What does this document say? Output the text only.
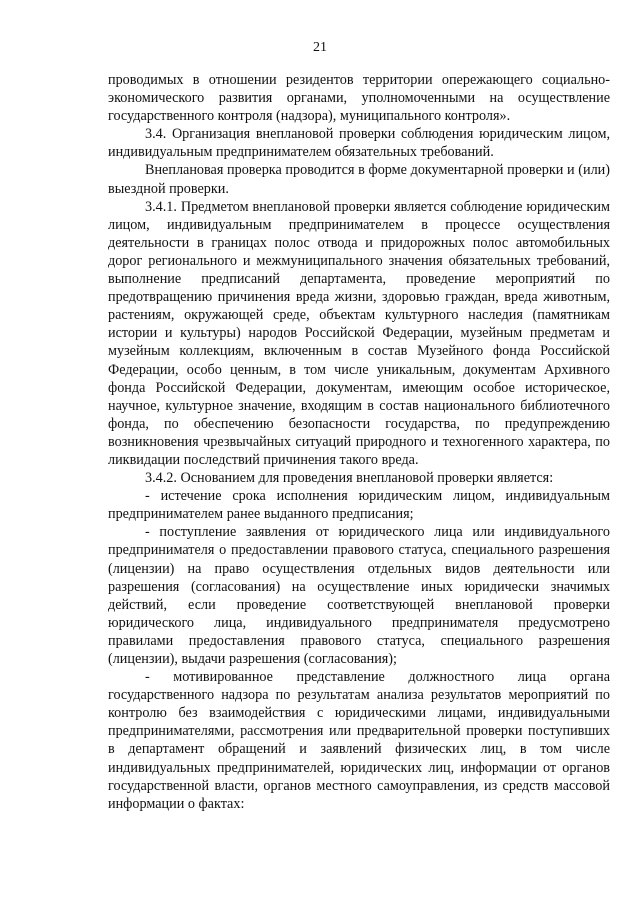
21

проводимых в отношении резидентов территории опережающего социально-экономического развития органами, уполномоченными на осуществление государственного контроля (надзора), муниципального контроля».

3.4. Организация внеплановой проверки соблюдения юридическим лицом, индивидуальным предпринимателем обязательных требований.

Внеплановая проверка проводится в форме документарной проверки и (или) выездной проверки.

3.4.1. Предметом внеплановой проверки является соблюдение юридическим лицом, индивидуальным предпринимателем в процессе осуществления деятельности в границах полос отвода и придорожных полос автомобильных дорог регионального и межмуниципального значения обязательных требований, выполнение предписаний департамента, проведение мероприятий по предотвращению причинения вреда жизни, здоровью граждан, вреда животным, растениям, окружающей среде, объектам культурного наследия (памятникам истории и культуры) народов Российской Федерации, музейным предметам и музейным коллекциям, включенным в состав Музейного фонда Российской Федерации, особо ценным, в том числе уникальным, документам Архивного фонда Российской Федерации, документам, имеющим особое историческое, научное, культурное значение, входящим в состав национального библиотечного фонда, по обеспечению безопасности государства, по предупреждению возникновения чрезвычайных ситуаций природного и техногенного характера, по ликвидации последствий причинения такого вреда.

3.4.2. Основанием для проведения внеплановой проверки является:

- истечение срока исполнения юридическим лицом, индивидуальным предпринимателем ранее выданного предписания;

- поступление заявления от юридического лица или индивидуального предпринимателя о предоставлении правового статуса, специального разрешения (лицензии) на право осуществления отдельных видов деятельности или разрешения (согласования) на осуществление иных юридически значимых действий, если проведение соответствующей внеплановой проверки юридического лица, индивидуального предпринимателя предусмотрено правилами предоставления правового статуса, специального разрешения (лицензии), выдачи разрешения (согласования);

- мотивированное представление должностного лица органа государственного надзора по результатам анализа результатов мероприятий по контролю без взаимодействия с юридическими лицами, индивидуальными предпринимателями, рассмотрения или предварительной проверки поступивших в департамент обращений и заявлений физических лиц, в том числе индивидуальных предпринимателей, юридических лиц, информации от органов государственной власти, органов местного самоуправления, из средств массовой информации о фактах:
